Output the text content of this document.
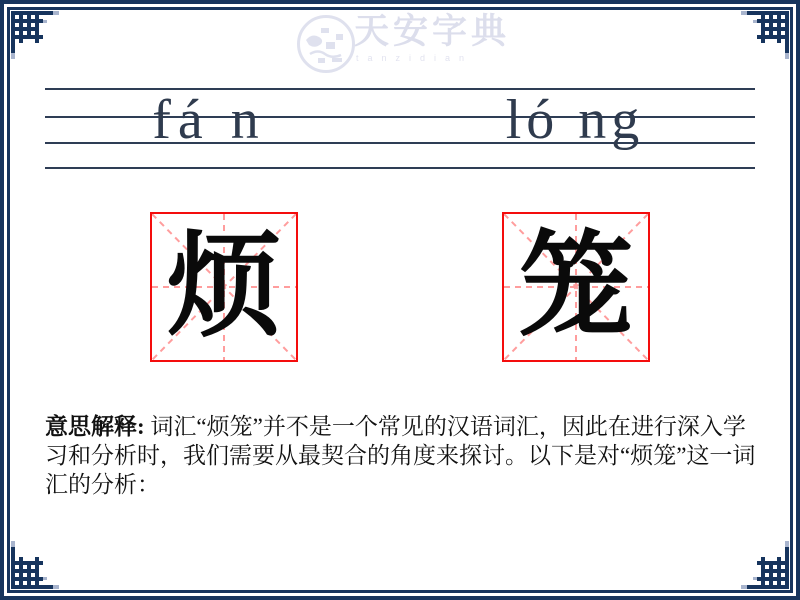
天安字典
tanzidian
fá n	ló ng
烦 笼
意思解释: 词汇“烦笼”并不是一个常见的汉语词汇，因此在进行深入学习和分析时，我们需要从最契合的角度来探讨。以下是对“烦笼”这一词汇的分析：
